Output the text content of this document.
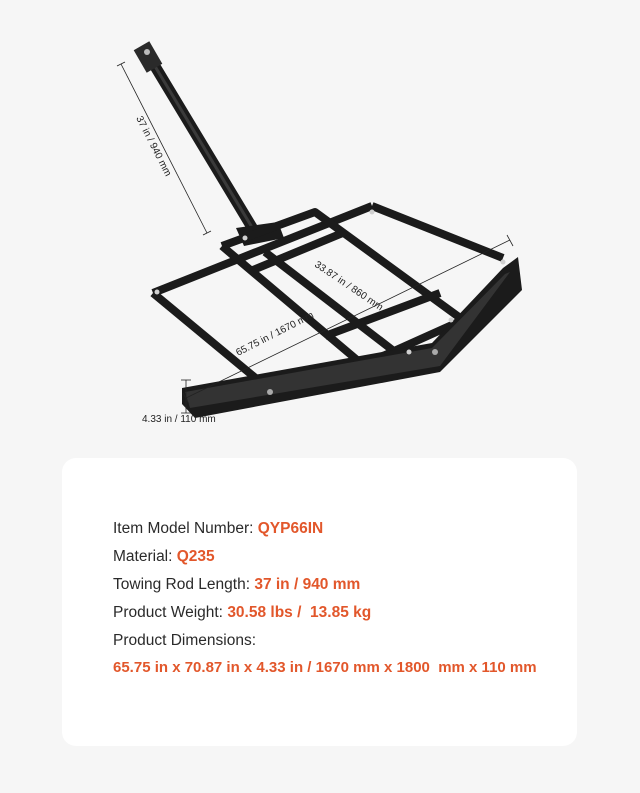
37 in / 940 mm
33.87 in / 860 mm
65.75 in / 1670 mm
4.33 in / 110 mm
Item Model Number: QYP66IN
Material: Q235
Towing Rod Length: 37 in / 940 mm
Product Weight: 30.58 lbs /  13.85 kg
Product Dimensions:
65.75 in x 70.87 in x 4.33 in / 1670 mm x 1800  mm x 110 mm
